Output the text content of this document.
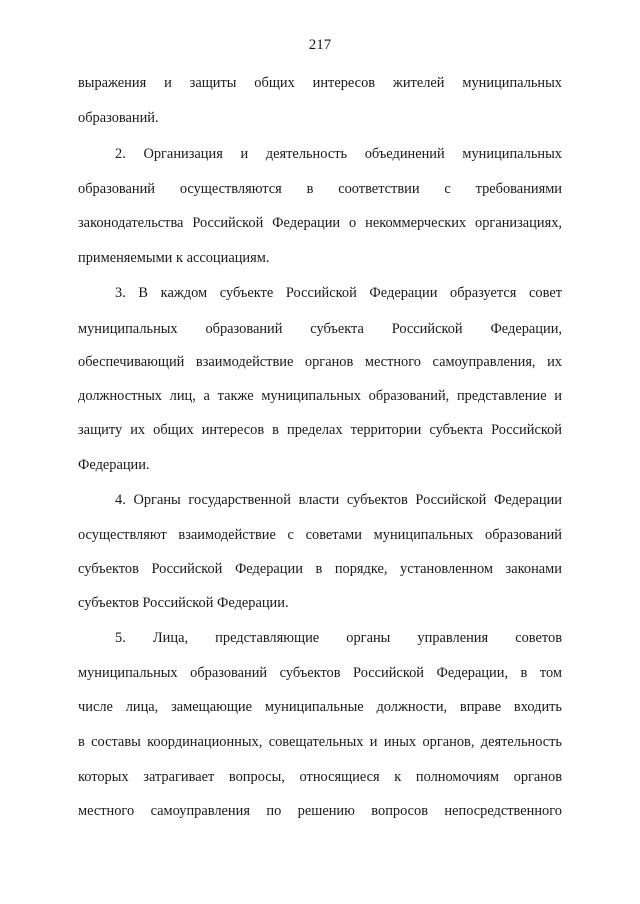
217
выражения и защиты общих интересов жителей муниципальных
образований.
2. Организация и деятельность объединений муниципальных
образований осуществляются в соответствии с требованиями
законодательства Российской Федерации о некоммерческих организациях,
применяемыми к ассоциациям.
3. В каждом субъекте Российской Федерации образуется совет
муниципальных образований субъекта Российской Федерации,
обеспечивающий взаимодействие органов местного самоуправления, их
должностных лиц, а также муниципальных образований, представление и
защиту их общих интересов в пределах территории субъекта Российской
Федерации.
4. Органы государственной власти субъектов Российской Федерации
осуществляют взаимодействие с советами муниципальных образований
субъектов Российской Федерации в порядке, установленном законами
субъектов Российской Федерации.
5. Лица, представляющие органы управления советов
муниципальных образований субъектов Российской Федерации, в том
числе лица, замещающие муниципальные должности, вправе входить
в составы координационных, совещательных и иных органов, деятельность
которых затрагивает вопросы, относящиеся к полномочиям органов
местного самоуправления по решению вопросов непосредственного
